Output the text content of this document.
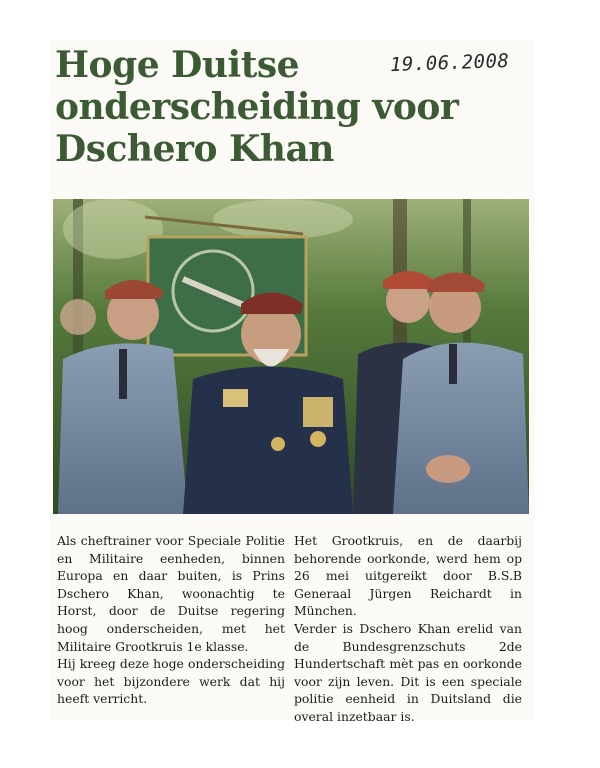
Hoge Duitse onderscheiding voor Dschero Khan
19.06.2008

Als cheftrainer voor Speciale Politie en Militaire eenheden, binnen Europa en daar buiten, is Prins Dschero Khan, woonachtig te Horst, door de Duitse regering hoog onderscheiden, met het Militaire Grootkruis 1e klasse.

Hij kreeg deze hoge onderscheiding voor het bijzondere werk dat hij heeft verricht.

Het Grootkruis, en de daarbij behorende oorkonde, werd hem op 26 mei uitgereikt door B.S.B Generaal Jürgen Reichardt in München.

Verder is Dschero Khan erelid van de Bundesgrenzschuts 2de Hundertschaft mèt pas en oorkonde voor zijn leven. Dit is een speciale politie eenheid in Duitsland die overal inzetbaar is.
